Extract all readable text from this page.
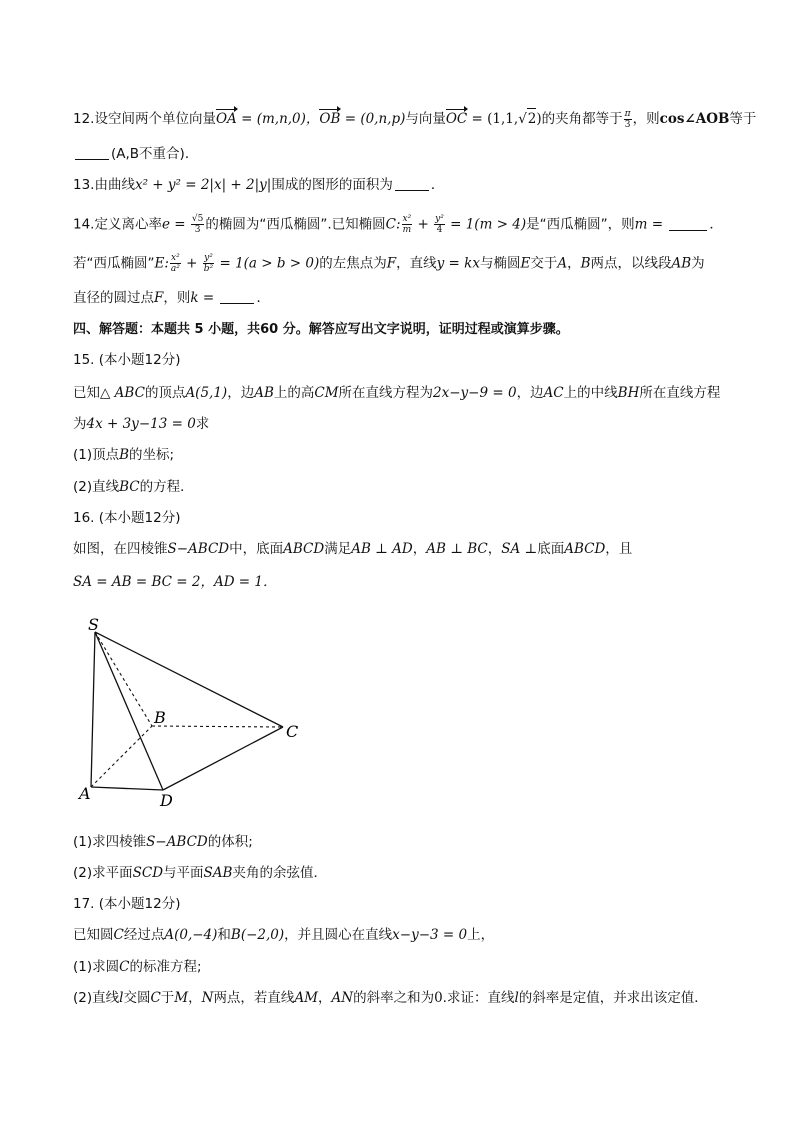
12.设空间两个单位向量OA = (m,n,0)，OB = (0,n,p)与向量OC = (1,1,√2)的夹角都等于 $\frac{\pi}{3}$ ，则cos∠AOB等于
(A,B不重合)．
13.由曲线x² + y² = 2|x| + 2|y|围成的图形的面积为	．
14.定义离心率$e = \frac{√5}{3}$ 的椭圆为“西瓜椭圆”.已知椭圆C: $\frac{\text{x²}}{m} + \frac{\text{y²}}{4} = 1(m > 4)$是“西瓜椭圆”，则m =	．
若“西瓜椭圆”E: $\frac{\text{x²}}{\text{a²}} + \frac{\text{y²}}{\text{b²}} = 1(a > b > 0)$的左焦点为F，直线y = kx与椭圆E交于A，B两点，以线段AB为
直径的圆过点F，则k =	．
四、解答题：本题共 5 小题，共60 分。解答应写出文字说明，证明过程或演算步骤。
15. (本小题12分)
已知△ ABC的顶点A(5,1)，边AB上的高CM所在直线方程为2x−y−9 = 0，边AC上的中线BH所在直线方程
为4x + 3y−13 = 0求
(1)顶点B的坐标;
(2)直线BC的方程．
16. (本小题12分)
如图，在四棱锥S−ABCD中，底面ABCD满足AB ⊥ AD，AB ⊥ BC，SA ⊥底面ABCD，且
SA = AB = BC = 2，AD = 1．
S
B
C
A	D
(1)求四棱锥S−ABCD的体积;
(2)求平面SCD与平面SAB夹角的余弦值．
17. (本小题12分)
已知圆C经过点A(0,−4)和B(−2,0)，并且圆心在直线x−y−3 = 0上，
(1)求圆C的标准方程;
(2)直线l交圆C于M，N两点，若直线AM，AN的斜率之和为0.求证：直线l的斜率是定值，并求出该定值．
